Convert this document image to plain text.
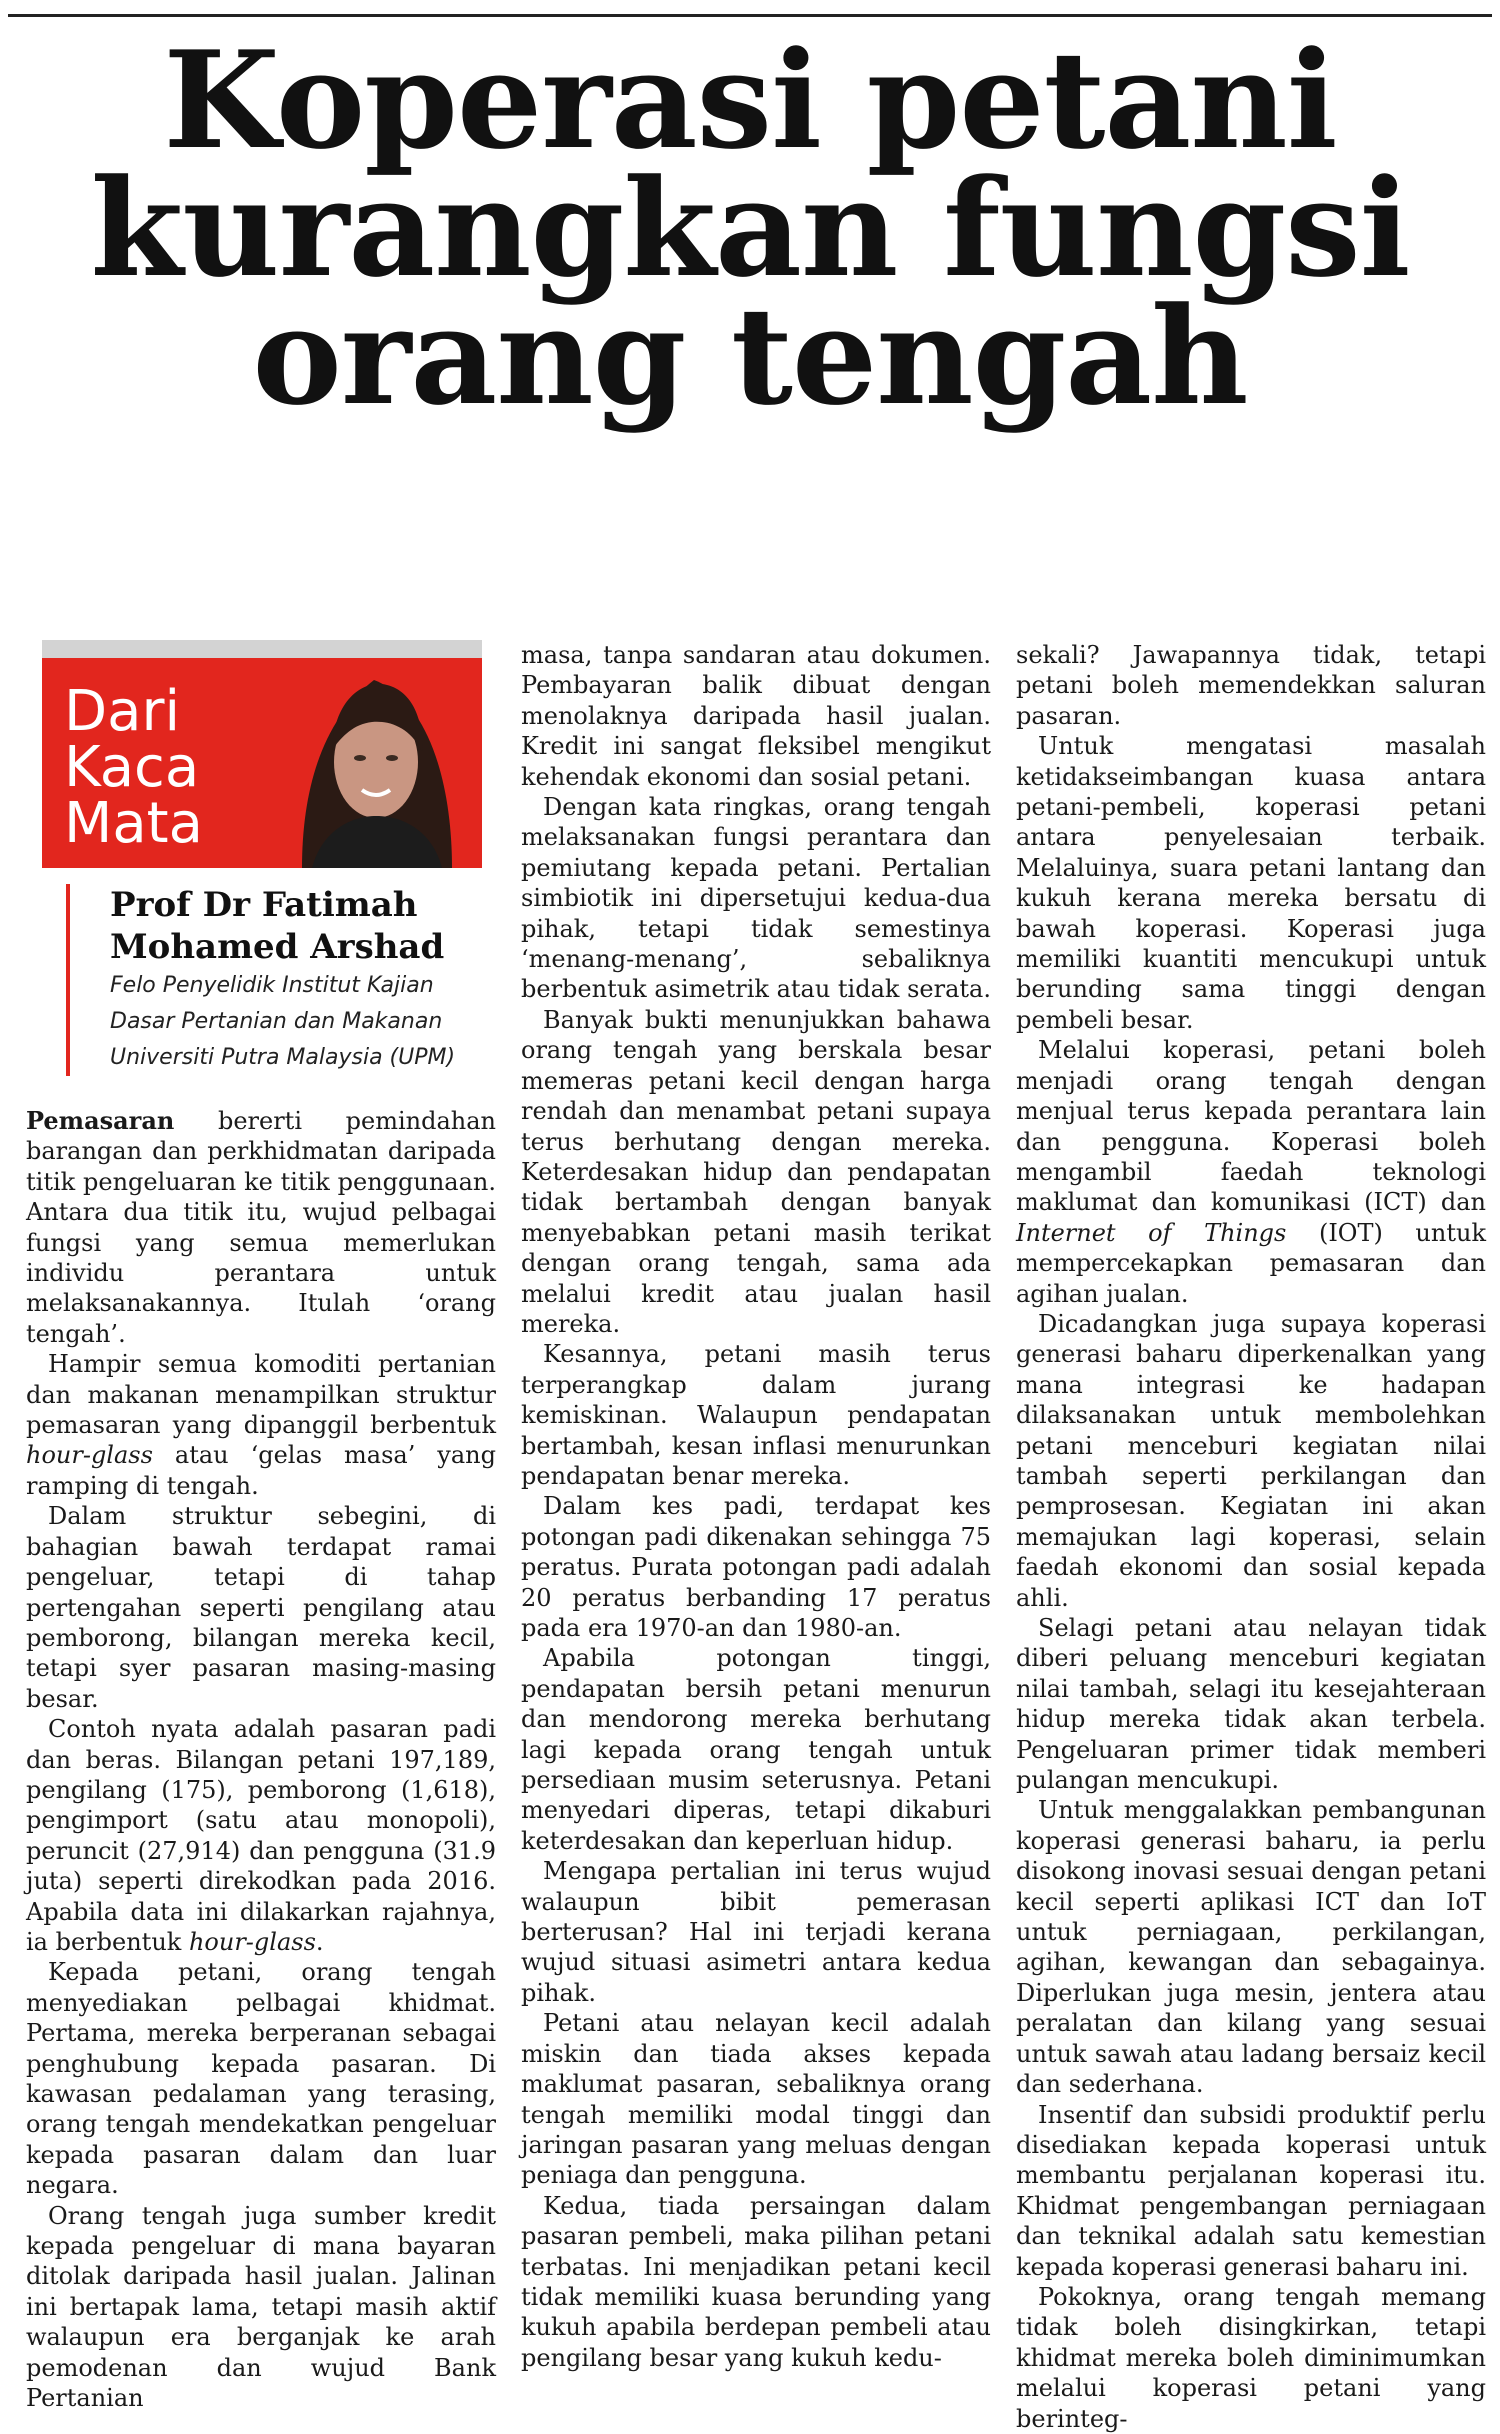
Koperasi petani
kurangkan fungsi
orang tengah
Dari
Kaca
Mata

Prof Dr Fatimah
Mohamed Arshad

Felo Penyelidik Institut Kajian
Dasar Pertanian dan Makanan
Universiti Putra Malaysia (UPM)

Pemasaran bererti pemindahan barangan dan perkhidmatan daripada titik pengeluaran ke titik penggunaan. Antara dua titik itu, wujud pelbagai fungsi yang semua memerlukan individu perantara untuk melaksanakannya. Itulah ‘orang tengah’.

Hampir semua komoditi pertanian dan makanan menampilkan struktur pemasaran yang dipanggil berbentuk hour-glass atau ‘gelas masa’ yang ramping di tengah.

Dalam struktur sebegini, di bahagian bawah terdapat ramai pengeluar, tetapi di tahap pertengahan seperti pengilang atau pemborong, bilangan mereka kecil, tetapi syer pasaran masing-masing besar.

Contoh nyata adalah pasaran padi dan beras. Bilangan petani 197,189, pengilang (175), pemborong (1,618), pengimport (satu atau monopoli), peruncit (27,914) dan pengguna (31.9 juta) seperti direkodkan pada 2016. Apabila data ini dilakarkan rajahnya, ia berbentuk hour-glass.

Kepada petani, orang tengah menyediakan pelbagai khidmat. Pertama, mereka berperanan sebagai penghubung kepada pasaran. Di kawasan pedalaman yang terasing, orang tengah mendekatkan pengeluar kepada pasaran dalam dan luar negara.

Orang tengah juga sumber kredit kepada pengeluar di mana bayaran ditolak daripada hasil jualan. Jalinan ini bertapak lama, tetapi masih aktif walaupun era berganjak ke arah pemodenan dan wujud Bank Pertanian

masa, tanpa sandaran atau dokumen. Pembayaran balik dibuat dengan menolaknya daripada hasil jualan. Kredit ini sangat fleksibel mengikut kehendak ekonomi dan sosial petani.

Dengan kata ringkas, orang tengah melaksanakan fungsi perantara dan pemiutang kepada petani. Pertalian simbiotik ini dipersetujui kedua-dua pihak, tetapi tidak semestinya ‘menang-menang’, sebaliknya berbentuk asimetrik atau tidak serata.

Banyak bukti menunjukkan bahawa orang tengah yang berskala besar memeras petani kecil dengan harga rendah dan menambat petani supaya terus berhutang dengan mereka. Keterdesakan hidup dan pendapatan tidak bertambah dengan banyak menyebabkan petani masih terikat dengan orang tengah, sama ada melalui kredit atau jualan hasil mereka.

Kesannya, petani masih terus terperangkap dalam jurang kemiskinan. Walaupun pendapatan bertambah, kesan inflasi menurunkan pendapatan benar mereka.

Dalam kes padi, terdapat kes potongan padi dikenakan sehingga 75 peratus. Purata potongan padi adalah 20 peratus berbanding 17 peratus pada era 1970-an dan 1980-an.

Apabila potongan tinggi, pendapatan bersih petani menurun dan mendorong mereka berhutang lagi kepada orang tengah untuk persediaan musim seterusnya. Petani menyedari diperas, tetapi dikaburi keterdesakan dan keperluan hidup.

Mengapa pertalian ini terus wujud walaupun bibit pemerasan berterusan? Hal ini terjadi kerana wujud situasi asimetri antara kedua pihak.

Petani atau nelayan kecil adalah miskin dan tiada akses kepada maklumat pasaran, sebaliknya orang tengah memiliki modal tinggi dan jaringan pasaran yang meluas dengan peniaga dan pengguna.

Kedua, tiada persaingan dalam pasaran pembeli, maka pilihan petani terbatas. Ini menjadikan petani kecil tidak memiliki kuasa berunding yang kukuh apabila berdepan pembeli atau pengilang besar yang kukuh kedu-

sekali? Jawapannya tidak, tetapi petani boleh memendekkan saluran pasaran.

Untuk mengatasi masalah ketidakseimbangan kuasa antara petani-pembeli, koperasi petani antara penyelesaian terbaik. Melaluinya, suara petani lantang dan kukuh kerana mereka bersatu di bawah koperasi. Koperasi juga memiliki kuantiti mencukupi untuk berunding sama tinggi dengan pembeli besar.

Melalui koperasi, petani boleh menjadi orang tengah dengan menjual terus kepada perantara lain dan pengguna. Koperasi boleh mengambil faedah teknologi maklumat dan komunikasi (ICT) dan Internet of Things (IOT) untuk mempercekapkan pemasaran dan agihan jualan.

Dicadangkan juga supaya koperasi generasi baharu diperkenalkan yang mana integrasi ke hadapan dilaksanakan untuk membolehkan petani menceburi kegiatan nilai tambah seperti perkilangan dan pemprosesan. Kegiatan ini akan memajukan lagi koperasi, selain faedah ekonomi dan sosial kepada ahli.

Selagi petani atau nelayan tidak diberi peluang menceburi kegiatan nilai tambah, selagi itu kesejahteraan hidup mereka tidak akan terbela. Pengeluaran primer tidak memberi pulangan mencukupi.

Untuk menggalakkan pembangunan koperasi generasi baharu, ia perlu disokong inovasi sesuai dengan petani kecil seperti aplikasi ICT dan IoT untuk perniagaan, perkilangan, agihan, kewangan dan sebagainya. Diperlukan juga mesin, jentera atau peralatan dan kilang yang sesuai untuk sawah atau ladang bersaiz kecil dan sederhana.

Insentif dan subsidi produktif perlu disediakan kepada koperasi untuk membantu perjalanan koperasi itu. Khidmat pengembangan perniagaan dan teknikal adalah satu kemestian kepada koperasi generasi baharu ini.

Pokoknya, orang tengah memang tidak boleh disingkirkan, tetapi khidmat mereka boleh diminimumkan melalui koperasi petani yang berinteg-
